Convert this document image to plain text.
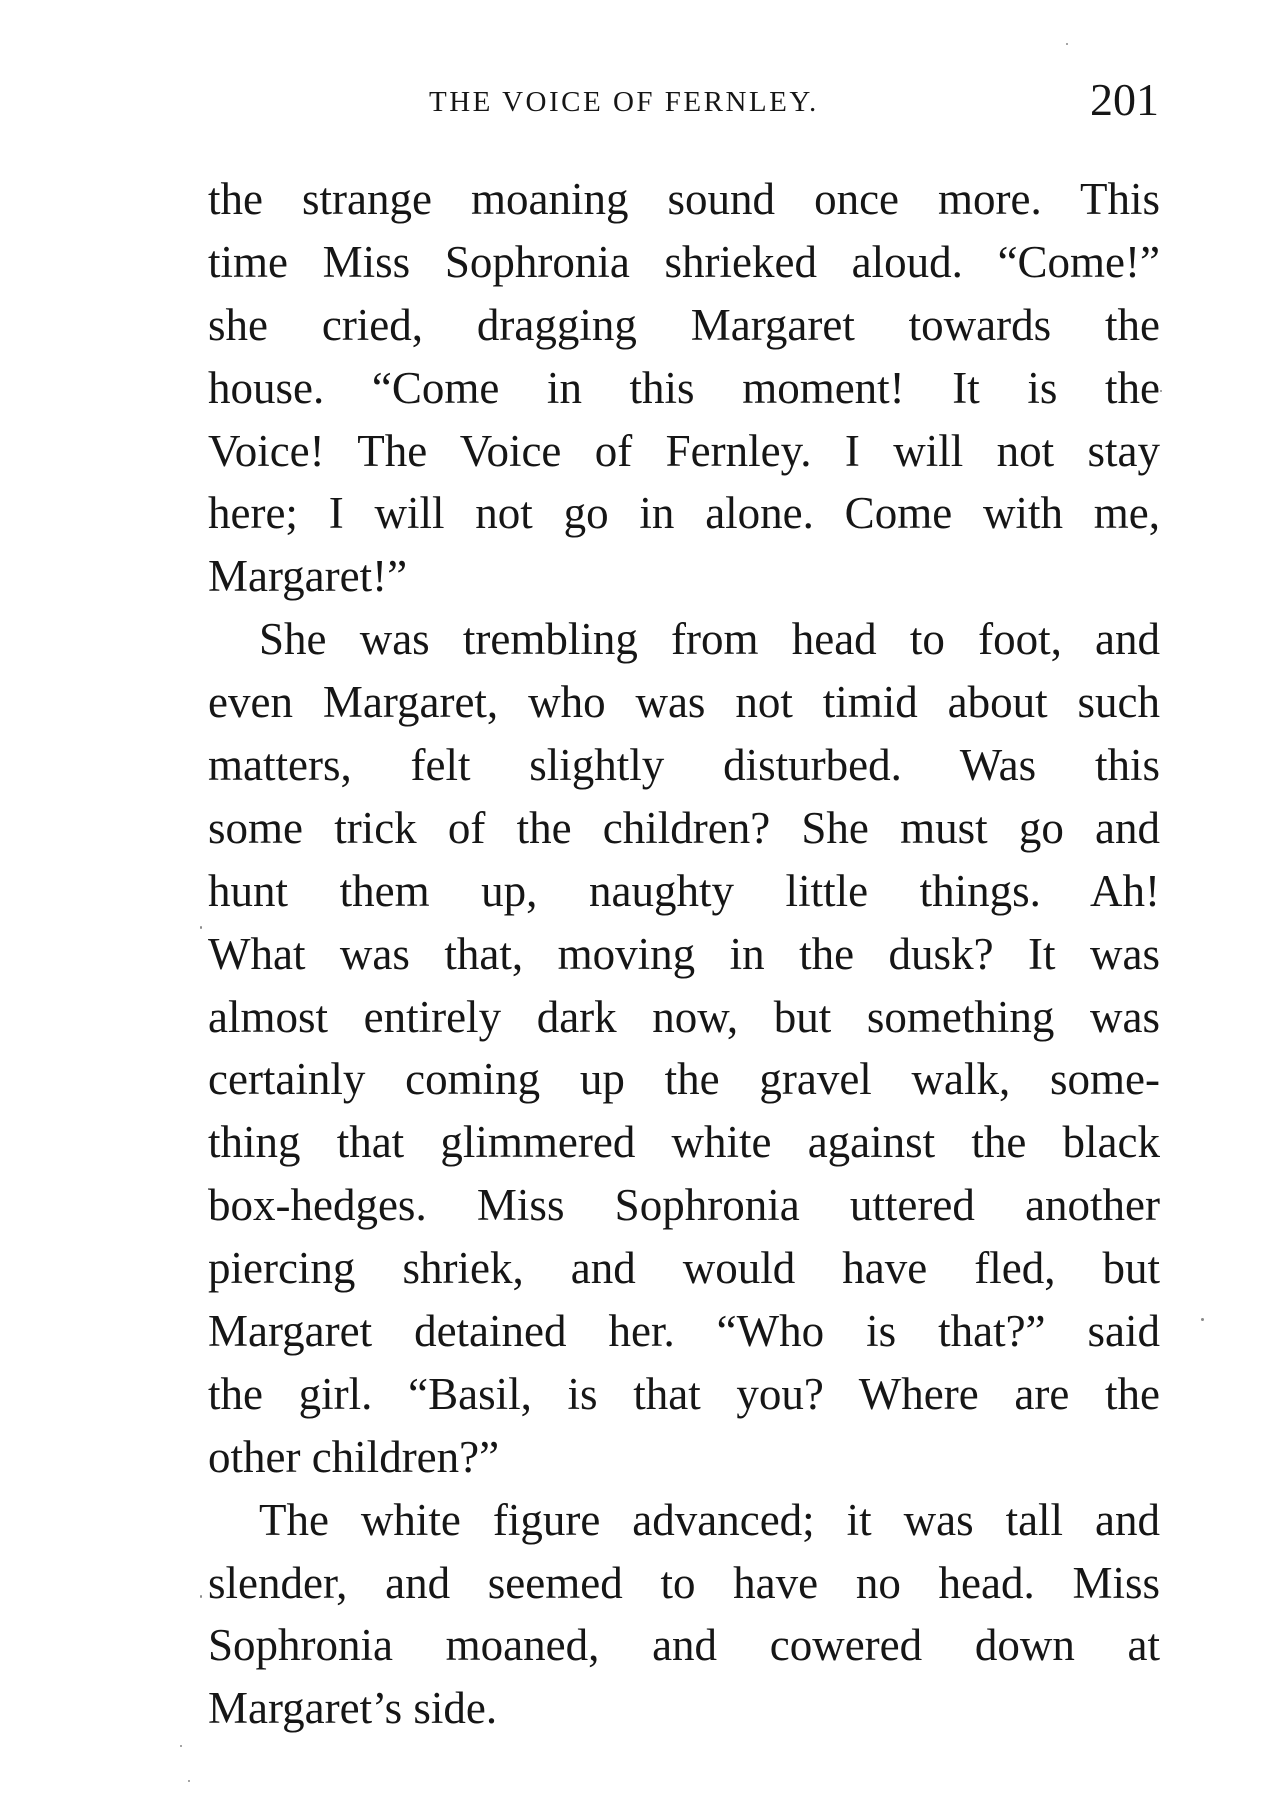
THE VOICE OF FERNLEY.	201
the strange moaning sound once more. This
time Miss Sophronia shrieked aloud. “Come!”
she cried, dragging Margaret towards the
house. “Come in this moment! It is the
Voice! The Voice of Fernley. I will not stay
here; I will not go in alone. Come with me,
Margaret!”
She was trembling from head to foot, and
even Margaret, who was not timid about such
matters, felt slightly disturbed. Was this
some trick of the children? She must go and
hunt them up, naughty little things. Ah!
What was that, moving in the dusk? It was
almost entirely dark now, but something was
certainly coming up the gravel walk, some-
thing that glimmered white against the black
box-hedges. Miss Sophronia uttered another
piercing shriek, and would have fled, but
Margaret detained her. “Who is that?” said
the girl. “Basil, is that you? Where are the
other children?”
The white figure advanced; it was tall and
slender, and seemed to have no head. Miss
Sophronia moaned, and cowered down at
Margaret’s side.
